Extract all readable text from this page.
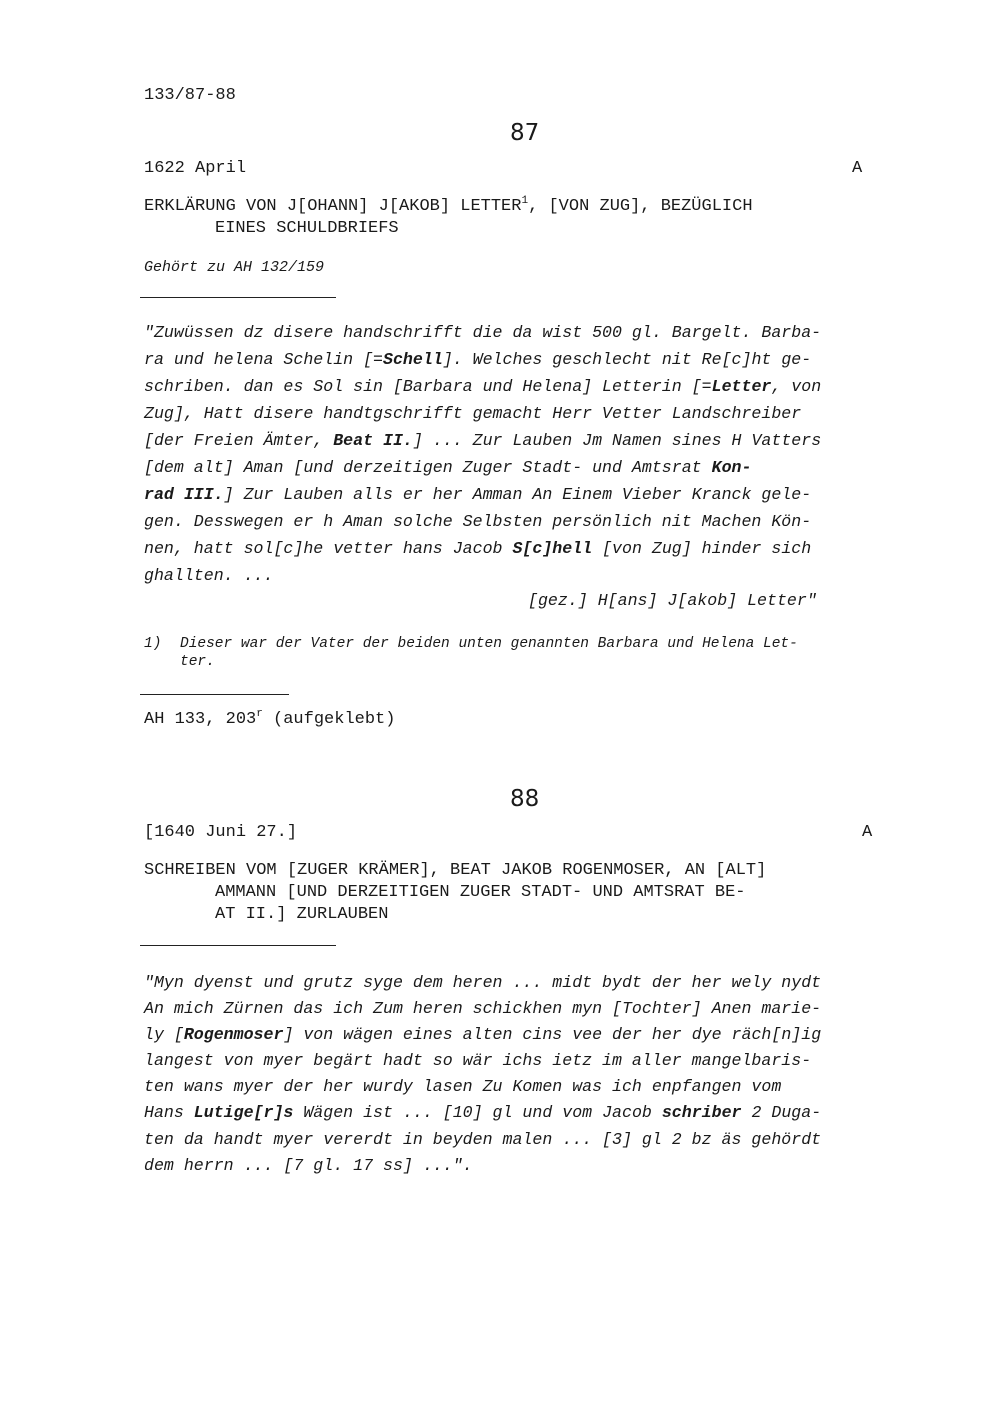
133/87-88
87
1622 April	A
ERKLÄRUNG VON J[OHANN] J[AKOB] LETTER$^1$, [VON ZUG], BEZÜGLICH
EINES SCHULDBRIEFS
Gehört zu AH 132/159
"Zuwüssen dz disere handschrifft die da wist 500 gl. Bargelt. Barba-
ra und helena Schelin [=Schell]. Welches geschlecht nit Re[c]ht ge-
schriben. dan es Sol sin [Barbara und Helena] Letterin [=Letter, von
Zug], Hatt disere handtgschrifft gemacht Herr Vetter Landschreiber
[der Freien Ämter, Beat II.] ... Zur Lauben Jm Namen sines H Vatters
[dem alt] Aman [und derzeitigen Zuger Stadt- und Amtsrat Kon-
rad III.] Zur Lauben alls er her Amman An Einem Vieber Kranck gele-
gen. Desswegen er h Aman solche Selbsten persönlich nit Machen Kön-
nen, hatt sol[c]he vetter hans Jacob S[c]hell [von Zug] hinder sich
ghallten. ...
[gez.] H[ans] J[akob] Letter"
1) Dieser war der Vater der beiden unten genannten Barbara und Helena Let-
ter.
AH 133, 203$^r$ (aufgeklebt)
88
[1640 Juni 27.]	A
SCHREIBEN VOM [ZUGER KRÄMER], BEAT JAKOB ROGENMOSER, AN [ALT]
AMMANN [UND DERZEITIGEN ZUGER STADT- UND AMTSRAT BE-
AT II.] ZURLAUBEN
"Myn dyenst und grutz syge dem heren ... midt bydt der her wely nydt
An mich Zürnen das ich Zum heren schickhen myn [Tochter] Anen marie-
ly [Rogenmoser] von wägen eines alten cins vee der her dye räch[n]ig
langest von myer begärt hadt so wär ichs ietz im aller mangelbaris-
ten wans myer der her wurdy lasen Zu Komen was ich enpfangen vom
Hans Lutige[r]s Wägen ist ... [10] gl und vom Jacob schriber 2 Duga-
ten da handt myer vererdt in beyden malen ... [3] gl 2 bz äs gehördt
dem herrn ... [7 gl. 17 ss] ...".
